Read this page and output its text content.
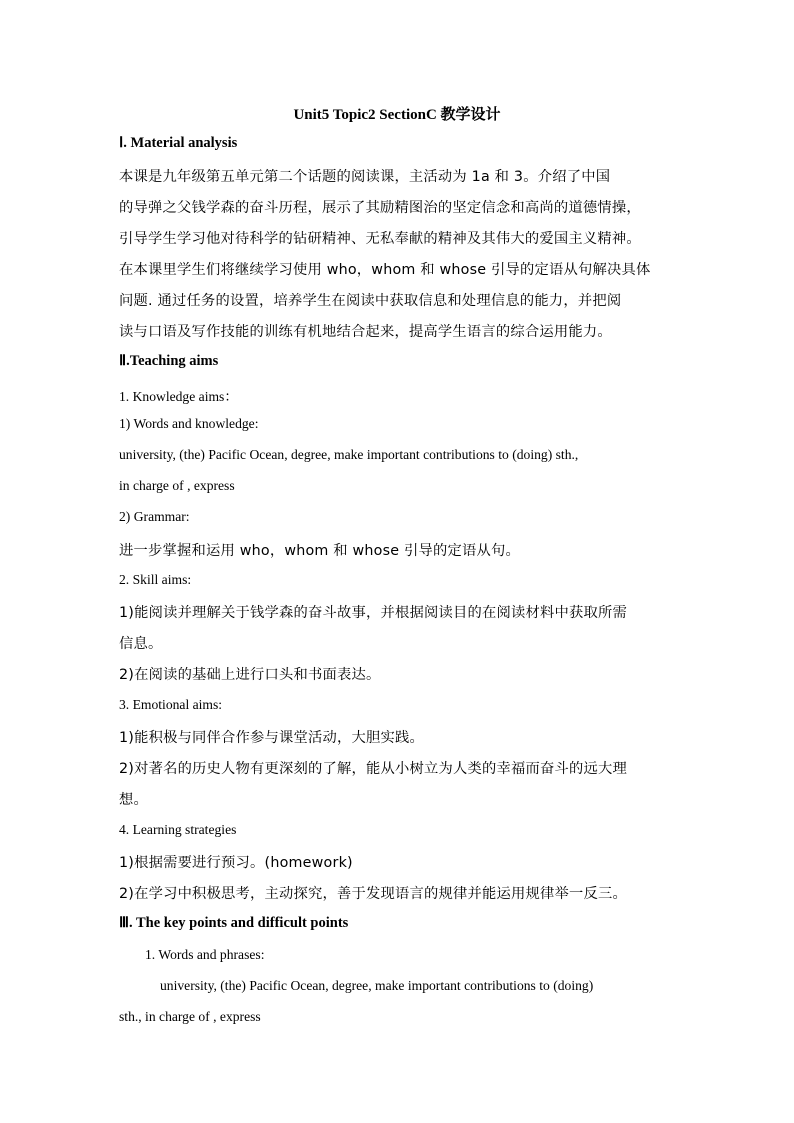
Unit5 Topic2 SectionC 教学设计
Ⅰ. Material analysis
本课是九年级第五单元第二个话题的阅读课，主活动为 1a 和 3。介绍了中国
的导弹之父钱学森的奋斗历程，展示了其励精图治的坚定信念和高尚的道德情操，
引导学生学习他对待科学的钻研精神、无私奉献的精神及其伟大的爱国主义精神。
在本课里学生们将继续学习使用 who，whom 和 whose 引导的定语从句解决具体
问题. 通过任务的设置，培养学生在阅读中获取信息和处理信息的能力，并把阅
读与口语及写作技能的训练有机地结合起来，提高学生语言的综合运用能力。
Ⅱ.Teaching aims
1. Knowledge aims：
1) Words and knowledge:
university, (the) Pacific Ocean, degree, make important contributions to (doing) sth.,
in charge of , express
2) Grammar:
进一步掌握和运用 who，whom 和 whose 引导的定语从句。
2. Skill aims:
1)能阅读并理解关于钱学森的奋斗故事，并根据阅读目的在阅读材料中获取所需
信息。
2)在阅读的基础上进行口头和书面表达。
3. Emotional aims:
1)能积极与同伴合作参与课堂活动，大胆实践。
2)对著名的历史人物有更深刻的了解，能从小树立为人类的幸福而奋斗的远大理
想。
4. Learning strategies
1)根据需要进行预习。(homework)
2)在学习中积极思考，主动探究，善于发现语言的规律并能运用规律举一反三。
Ⅲ. The key points and difficult points
1. Words and phrases:
university, (the) Pacific Ocean, degree, make important contributions to (doing)
sth., in charge of , express
